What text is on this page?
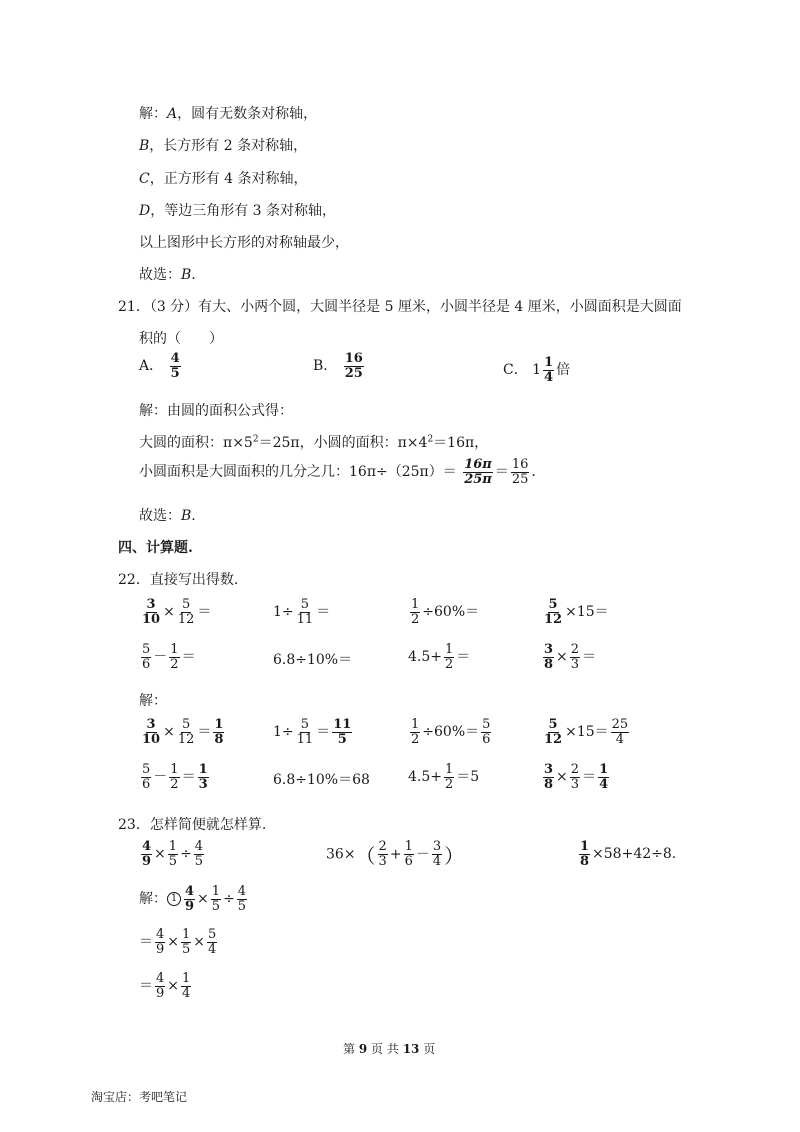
解：A，圆有无数条对称轴，
B，长方形有 2 条对称轴，
C，正方形有 4 条对称轴，
D，等边三角形有 3 条对称轴，
以上图形中长方形的对称轴最少，
故选：B.
21．（3 分）有大、小两个圆，大圆半径是 5 厘米，小圆半径是 4 厘米，小圆面积是大圆面
积的（　　）
A． $\frac{4}{5}$	B． $\frac{16}{25}$	C． $1 \frac{1}{4}$ 倍
解：由圆的面积公式得：
大圆的面积：$\pi\times 5^2=25\pi$，小圆的面积：$\pi\times 4^2=16\pi$，
小圆面积是大圆面积的几分之几：$16\pi\div(25\pi)= \frac{16\pi}{25\pi} = \frac{16}{25}$ .
故选：B.
四、计算题.
22．直接写出得数.
$\frac{3}{10} \times \frac{5}{12}$ ＝	$1\div \frac{5}{11}$ ＝	$\frac{1}{2} \div 60\%=$	$\frac{5}{12} \times 15=$
$\frac{5}{6} - \frac{1}{2}$ ＝	6.8÷10%＝	$4.5+ \frac{1}{2}$ ＝	$\frac{3}{8} \times \frac{2}{3}$ ＝
解：
$\frac{3}{10} \times \frac{5}{12} = \frac{1}{8}$	$1\div \frac{5}{11} = \frac{11}{5}$	$\frac{1}{2} \div 60\%= \frac{5}{6}$	$\frac{5}{12} \times 15= \frac{25}{4}$
$\frac{5}{6} - \frac{1}{2} = \frac{1}{3}$	6.8÷10%＝68	$4.5+ \frac{1}{2} =5$	$\frac{3}{8} \times \frac{2}{3} = \frac{1}{4}$
23．怎样简便就怎样算.
$\frac{4}{9} \times \frac{1}{5} \div \frac{4}{5}$	$36\times( \frac{2}{3} + \frac{1}{6} - \frac{3}{4}$ ）	$\frac{1}{8} \times 58+42\div 8$.
解： $1 \frac{4}{9} \times \frac{1}{5} \div \frac{4}{5}$
＝ $\frac{4}{9} \times \frac{1}{5} \times \frac{5}{4}$
＝ $\frac{4}{9} \times \frac{1}{4}$
第 9 页 共 13 页
淘宝店：考吧笔记
